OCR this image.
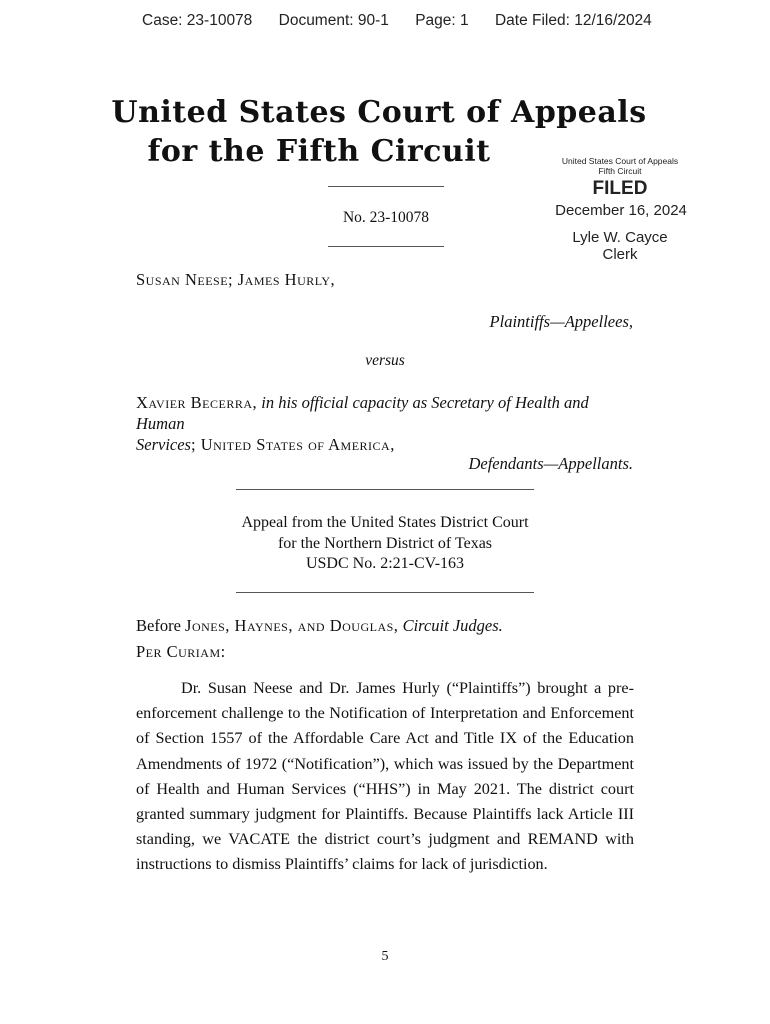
Case: 23-10078 Document: 90-1 Page: 1 Date Filed: 12/16/2024
United States Court of Appeals
for the Fifth Circuit	United States Court of Appeals
Fifth Circuit
FILED
December 16, 2024
Lyle W. Cayce
Clerk
No. 23-10078
Susan Neese; James Hurly,
Plaintiffs—Appellees,
versus
Xavier Becerra, in his official capacity as Secretary of Health and Human
Services; United States of America,
Defendants—Appellants.
Appeal from the United States District Court
for the Northern District of Texas
USDC No. 2:21-CV-163
Before Jones, Haynes, and Douglas, Circuit Judges.
Per Curiam:

Dr. Susan Neese and Dr. James Hurly (“Plaintiffs”) brought a pre-enforcement challenge to the Notification of Interpretation and Enforcement of Section 1557 of the Affordable Care Act and Title IX of the Education Amendments of 1972 (“Notification”), which was issued by the Department of Health and Human Services (“HHS”) in May 2021. The district court granted summary judgment for Plaintiffs. Because Plaintiffs lack Article III standing, we VACATE the district court’s judgment and REMAND with instructions to dismiss Plaintiffs’ claims for lack of jurisdiction.

5
